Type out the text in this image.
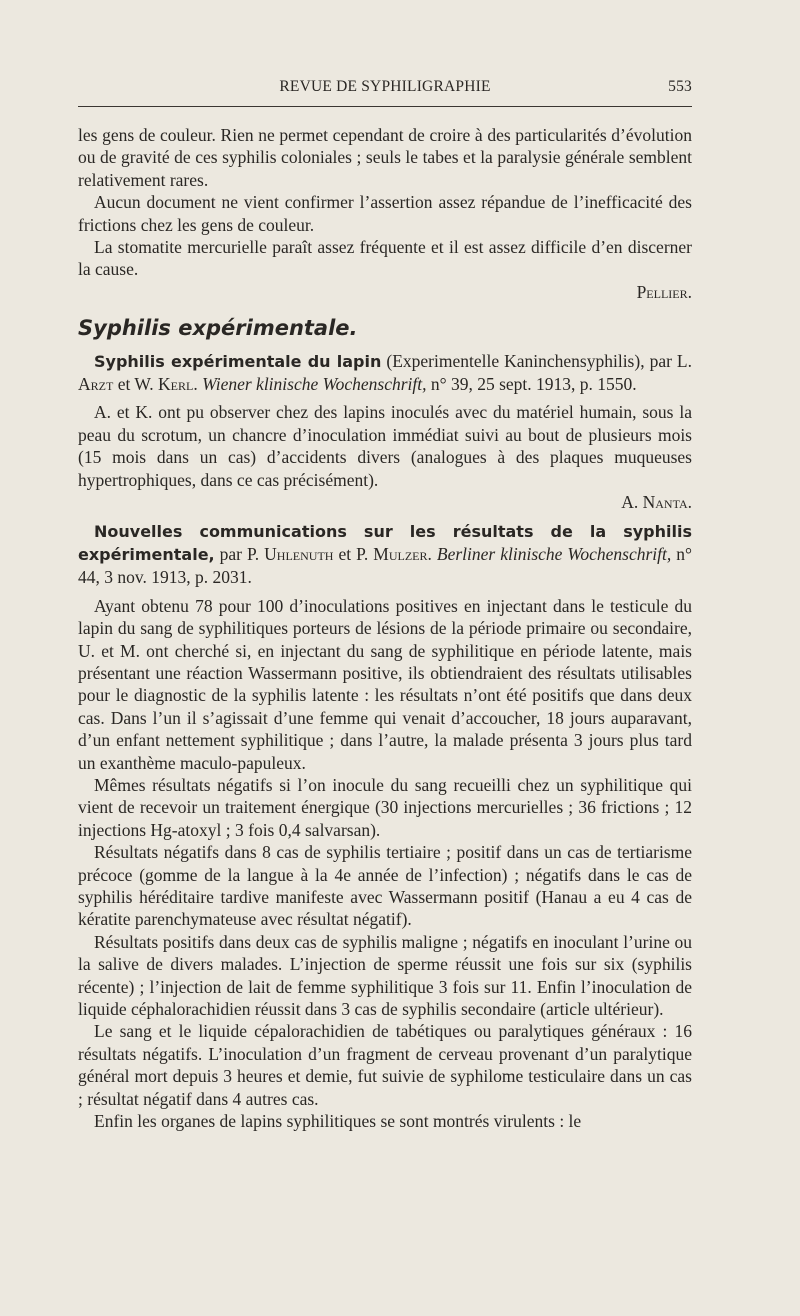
REVUE DE SYPHILIGRAPHIE	553

les gens de couleur. Rien ne permet cependant de croire à des particularités d’évolution ou de gravité de ces syphilis coloniales ; seuls le tabes et la paralysie générale semblent relativement rares.

Aucun document ne vient confirmer l’assertion assez répandue de l’inefficacité des frictions chez les gens de couleur.

La stomatite mercurielle paraît assez fréquente et il est assez difficile d’en discerner la cause.

Pellier.

Syphilis expérimentale.

Syphilis expérimentale du lapin (Experimentelle Kaninchensyphilis), par L. Arzt et W. Kerl. Wiener klinische Wochenschrift, n° 39, 25 sept. 1913, p. 1550.

A. et K. ont pu observer chez des lapins inoculés avec du matériel humain, sous la peau du scrotum, un chancre d’inoculation immédiat suivi au bout de plusieurs mois (15 mois dans un cas) d’accidents divers (analogues à des plaques muqueuses hypertrophiques, dans ce cas précisément).

A. Nanta.

Nouvelles communications sur les résultats de la syphilis expérimentale, par P. Uhlenuth et P. Mulzer. Berliner klinische Wochenschrift, n° 44, 3 nov. 1913, p. 2031.

Ayant obtenu 78 pour 100 d’inoculations positives en injectant dans le testicule du lapin du sang de syphilitiques porteurs de lésions de la période primaire ou secondaire, U. et M. ont cherché si, en injectant du sang de syphilitique en période latente, mais présentant une réaction Wassermann positive, ils obtiendraient des résultats utilisables pour le diagnostic de la syphilis latente : les résultats n’ont été positifs que dans deux cas. Dans l’un il s’agissait d’une femme qui venait d’accoucher, 18 jours auparavant, d’un enfant nettement syphilitique ; dans l’autre, la malade présenta 3 jours plus tard un exanthème maculo-papuleux.

Mêmes résultats négatifs si l’on inocule du sang recueilli chez un syphilitique qui vient de recevoir un traitement énergique (30 injections mercurielles ; 36 frictions ; 12 injections Hg-atoxyl ; 3 fois 0,4 salvarsan).

Résultats négatifs dans 8 cas de syphilis tertiaire ; positif dans un cas de tertiarisme précoce (gomme de la langue à la 4e année de l’infection) ; négatifs dans le cas de syphilis héréditaire tardive manifeste avec Wassermann positif (Hanau a eu 4 cas de kératite parenchymateuse avec résultat négatif).

Résultats positifs dans deux cas de syphilis maligne ; négatifs en inoculant l’urine ou la salive de divers malades. L’injection de sperme réussit une fois sur six (syphilis récente) ; l’injection de lait de femme syphilitique 3 fois sur 11. Enfin l’inoculation de liquide céphalorachidien réussit dans 3 cas de syphilis secondaire (article ultérieur).

Le sang et le liquide cépalorachidien de tabétiques ou paralytiques généraux : 16 résultats négatifs. L’inoculation d’un fragment de cerveau provenant d’un paralytique général mort depuis 3 heures et demie, fut suivie de syphilome testiculaire dans un cas ; résultat négatif dans 4 autres cas.

Enfin les organes de lapins syphilitiques se sont montrés virulents : le
